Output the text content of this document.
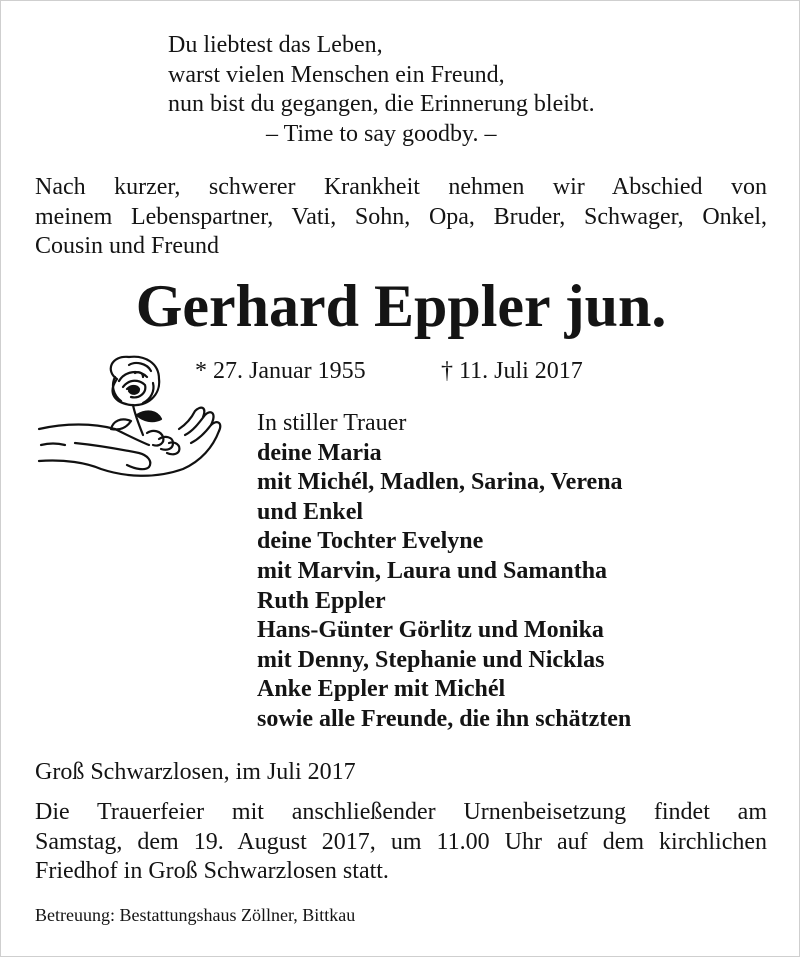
Du liebtest das Leben,
warst vielen Menschen ein Freund,
nun bist du gegangen, die Erinnerung bleibt.
– Time to say goodby. –
Nach kurzer, schwerer Krankheit nehmen wir Abschied von
meinem Lebenspartner, Vati, Sohn, Opa, Bruder, Schwager, Onkel,
Cousin und Freund
Gerhard Eppler jun.
* 27. Januar 1955	† 11. Juli 2017
In stiller Trauer
deine Maria
mit Michél, Madlen, Sarina, Verena
und Enkel
deine Tochter Evelyne
mit Marvin, Laura und Samantha
Ruth Eppler
Hans-Günter Görlitz und Monika
mit Denny, Stephanie und Nicklas
Anke Eppler mit Michél
sowie alle Freunde, die ihn schätzten
Groß Schwarzlosen, im Juli 2017
Die Trauerfeier mit anschließender Urnenbeisetzung findet am
Samstag, dem 19. August 2017, um 11.00 Uhr auf dem kirchlichen
Friedhof in Groß Schwarzlosen statt.
Betreuung: Bestattungshaus Zöllner, Bittkau
